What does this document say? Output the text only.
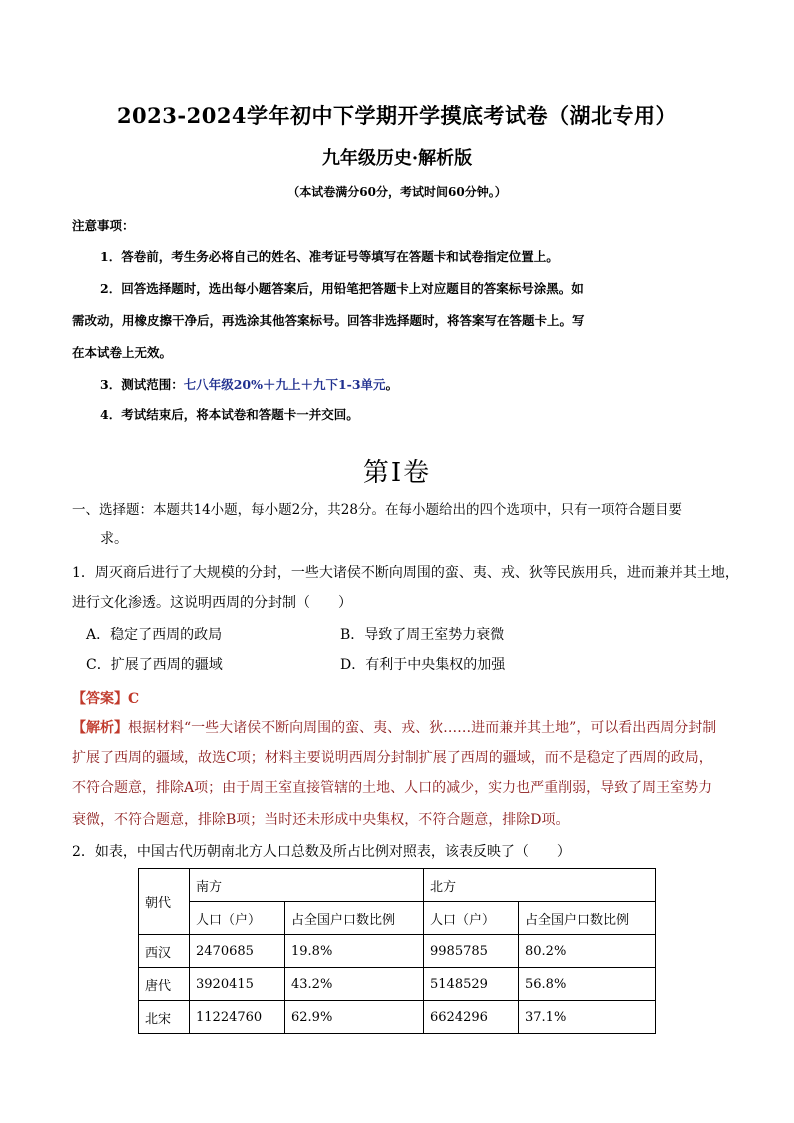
2023-2024学年初中下学期开学摸底考试卷（湖北专用）
九年级历史·解析版
（本试卷满分60分，考试时间60分钟。）
注意事项：
1．答卷前，考生务必将自己的姓名、准考证号等填写在答题卡和试卷指定位置上。
2．回答选择题时，选出每小题答案后，用铅笔把答题卡上对应题目的答案标号涂黑。如
需改动，用橡皮擦干净后，再选涂其他答案标号。回答非选择题时，将答案写在答题卡上。写
在本试卷上无效。
3．测试范围：七八年级20%＋九上＋九下1-3单元。
4．考试结束后，将本试卷和答题卡一并交回。
第Ⅰ卷
一、选择题：本题共14小题，每小题2分，共28分。在每小题给出的四个选项中，只有一项符合题目要
求。
1．周灭商后进行了大规模的分封，一些大诸侯不断向周围的蛮、夷、戎、狄等民族用兵，进而兼并其土地，
进行文化渗透。这说明西周的分封制（　　）
A．稳定了西周的政局	B．导致了周王室势力衰微
C．扩展了西周的疆域	D．有利于中央集权的加强
【答案】C
【解析】根据材料“一些大诸侯不断向周围的蛮、夷、戎、狄……进而兼并其土地”，可以看出西周分封制
扩展了西周的疆域，故选C项；材料主要说明西周分封制扩展了西周的疆域，而不是稳定了西周的政局，
不符合题意，排除A项；由于周王室直接管辖的土地、人口的减少，实力也严重削弱，导致了周王室势力
衰微，不符合题意，排除B项；当时还未形成中央集权，不符合题意，排除D项。
2．如表，中国古代历朝南北方人口总数及所占比例对照表，该表反映了（　　）
朝代	南方		北方	
	人口（户）	占全国户口数比例	人口（户）	占全国户口数比例
西汉	2470685	19.8%	9985785	80.2%
唐代	3920415	43.2%	5148529	56.8%
北宋	11224760	62.9%	6624296	37.1%
